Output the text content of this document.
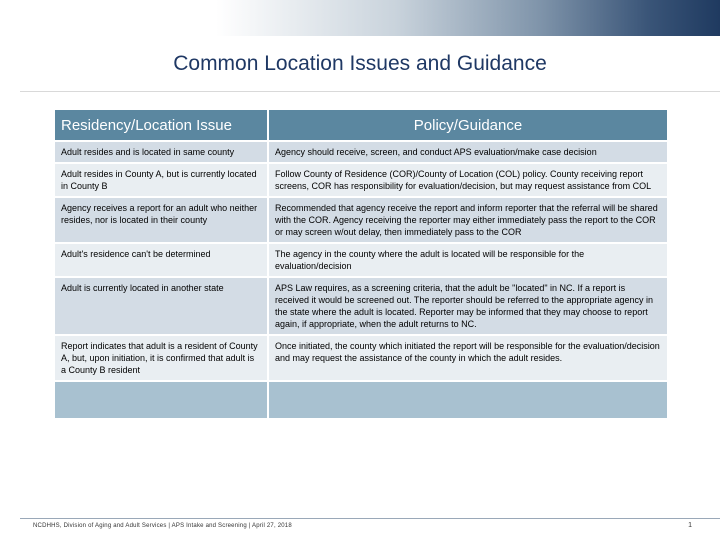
Common Location Issues and Guidance
Residency/Location Issue	Policy/Guidance
Adult resides and is located in same county	Agency should receive, screen, and conduct APS evaluation/make case decision
Adult resides in County A, but is currently located in County B	Follow County of Residence (COR)/County of Location (COL) policy. County receiving report screens, COR has responsibility for evaluation/decision, but may request assistance from COL
Agency receives a report for an adult who neither resides, nor is located in their county	Recommended that agency receive the report and inform reporter that the referral will be shared with the COR. Agency receiving the reporter may either immediately pass the report to the COR or may screen w/out delay, then immediately pass to the COR
Adult's residence can't be determined	The agency in the county where the adult is located will be responsible for the evaluation/decision
Adult is currently located in another state	APS Law requires, as a screening criteria, that the adult be "located" in NC. If a report is received it would be screened out. The reporter should be referred to the appropriate agency in the state where the adult is located. Reporter may be informed that they may choose to report again, if appropriate, when the adult returns to NC.
Report indicates that adult is a resident of County A, but, upon initiation, it is confirmed that adult is a County B resident	Once initiated, the county which initiated the report will be responsible for the evaluation/decision and may request the assistance of the county in which the adult resides.

NCDHHS, Division of Aging and Adult Services | APS Intake and Screening | April 27, 2018	1
